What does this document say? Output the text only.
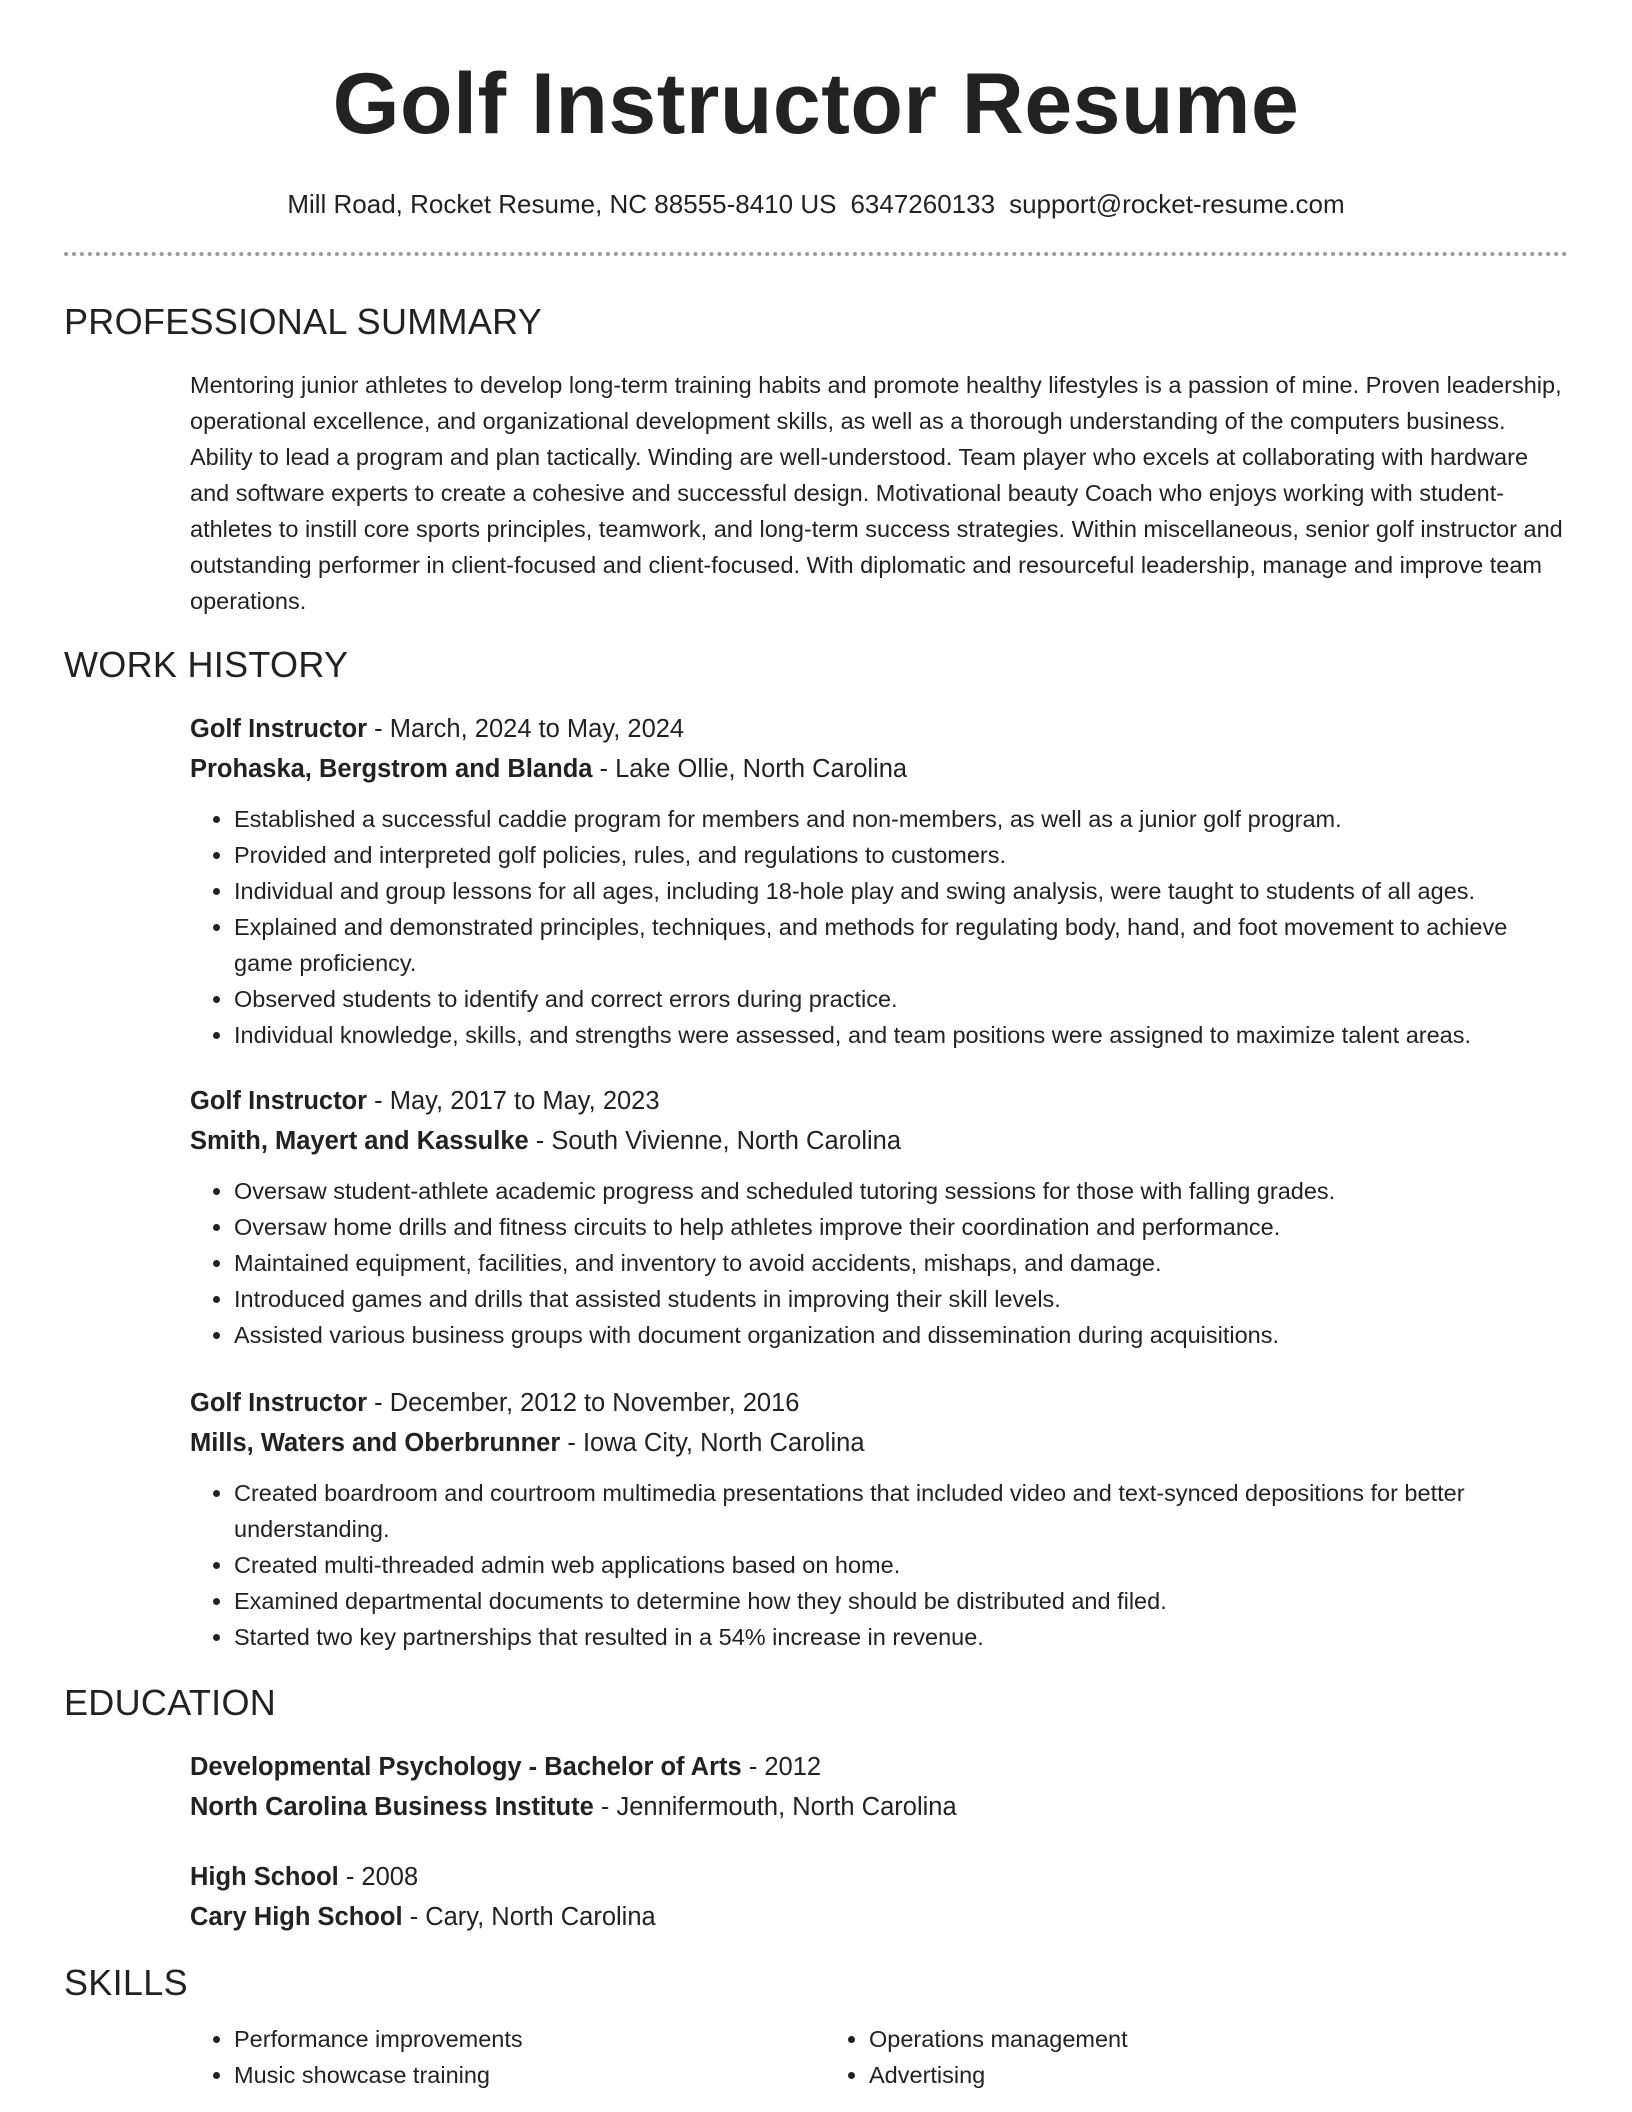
Golf Instructor Resume
Mill Road, Rocket Resume, NC 88555-8410 US 6347260133 support@rocket-resume.com
PROFESSIONAL SUMMARY
Mentoring junior athletes to develop long-term training habits and promote healthy lifestyles is a passion of mine. Proven leadership, operational excellence, and organizational development skills, as well as a thorough understanding of the computers business. Ability to lead a program and plan tactically. Winding are well-understood. Team player who excels at collaborating with hardware and software experts to create a cohesive and successful design. Motivational beauty Coach who enjoys working with student-athletes to instill core sports principles, teamwork, and long-term success strategies. Within miscellaneous, senior golf instructor and outstanding performer in client-focused and client-focused. With diplomatic and resourceful leadership, manage and improve team operations.
WORK HISTORY
Golf Instructor - March, 2024 to May, 2024
Prohaska, Bergstrom and Blanda - Lake Ollie, North Carolina
• Established a successful caddie program for members and non-members, as well as a junior golf program.
• Provided and interpreted golf policies, rules, and regulations to customers.
• Individual and group lessons for all ages, including 18-hole play and swing analysis, were taught to students of all ages.
• Explained and demonstrated principles, techniques, and methods for regulating body, hand, and foot movement to achieve game proficiency.
• Observed students to identify and correct errors during practice.
• Individual knowledge, skills, and strengths were assessed, and team positions were assigned to maximize talent areas.
Golf Instructor - May, 2017 to May, 2023
Smith, Mayert and Kassulke - South Vivienne, North Carolina
• Oversaw student-athlete academic progress and scheduled tutoring sessions for those with falling grades.
• Oversaw home drills and fitness circuits to help athletes improve their coordination and performance.
• Maintained equipment, facilities, and inventory to avoid accidents, mishaps, and damage.
• Introduced games and drills that assisted students in improving their skill levels.
• Assisted various business groups with document organization and dissemination during acquisitions.
Golf Instructor - December, 2012 to November, 2016
Mills, Waters and Oberbrunner - Iowa City, North Carolina
• Created boardroom and courtroom multimedia presentations that included video and text-synced depositions for better understanding.
• Created multi-threaded admin web applications based on home.
• Examined departmental documents to determine how they should be distributed and filed.
• Started two key partnerships that resulted in a 54% increase in revenue.
EDUCATION
Developmental Psychology - Bachelor of Arts - 2012
North Carolina Business Institute - Jennifermouth, North Carolina
High School - 2008
Cary High School - Cary, North Carolina
SKILLS
• Performance improvements
• Music showcase training
• Operations management
• Advertising
